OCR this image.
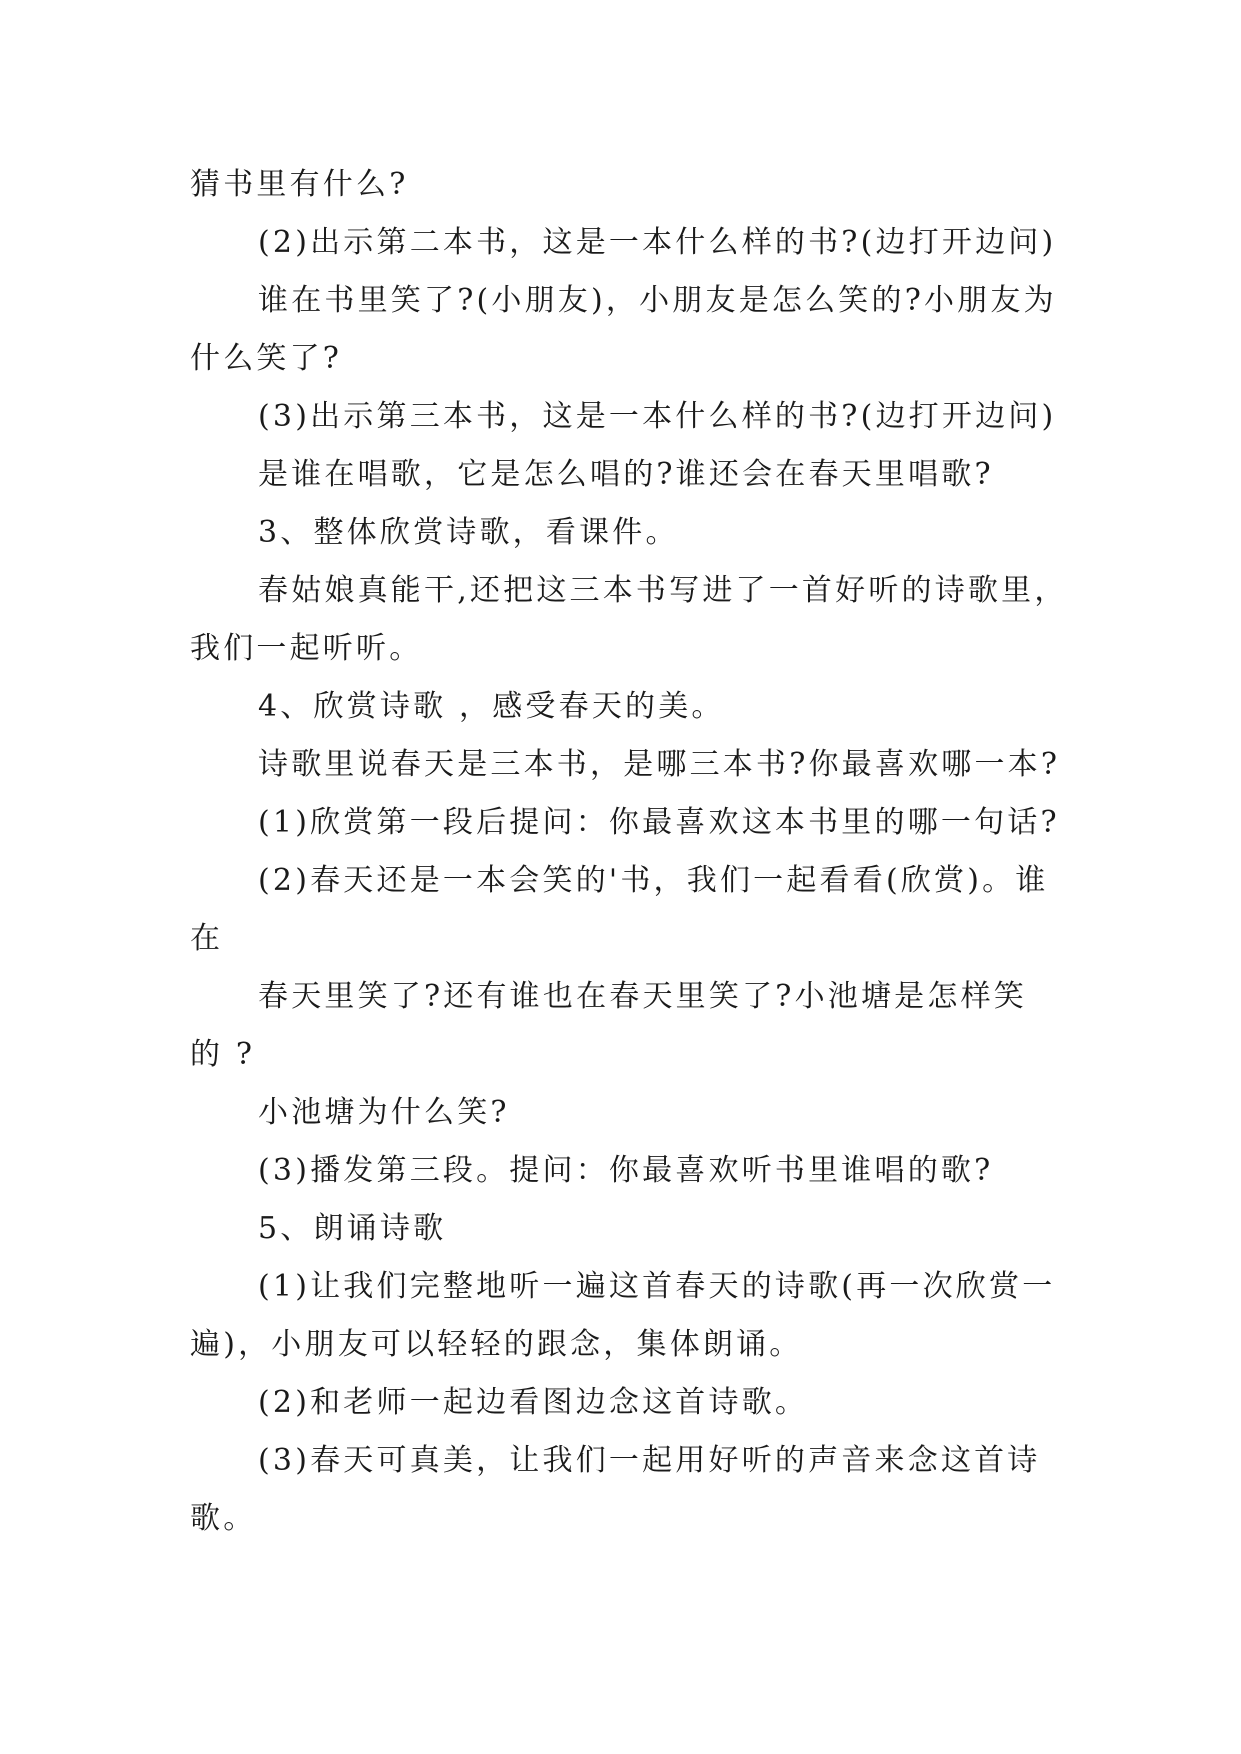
猜书里有什么?
(2)出示第二本书，这是一本什么样的书?(边打开边问)
谁在书里笑了?(小朋友)，小朋友是怎么笑的?小朋友为
什么笑了?
(3)出示第三本书，这是一本什么样的书?(边打开边问)
是谁在唱歌，它是怎么唱的?谁还会在春天里唱歌?
3、整体欣赏诗歌，看课件。
春姑娘真能干,还把这三本书写进了一首好听的诗歌里，
我们一起听听。
4、欣赏诗歌 ，感受春天的美。
诗歌里说春天是三本书，是哪三本书?你最喜欢哪一本?
(1)欣赏第一段后提问：你最喜欢这本书里的哪一句话?
(2)春天还是一本会笑的'书，我们一起看看(欣赏)。谁
在
春天里笑了?还有谁也在春天里笑了?小池塘是怎样笑
的 ?
小池塘为什么笑?
(3)播发第三段。提问：你最喜欢听书里谁唱的歌?
5、朗诵诗歌
(1)让我们完整地听一遍这首春天的诗歌(再一次欣赏一
遍)，小朋友可以轻轻的跟念，集体朗诵。
(2)和老师一起边看图边念这首诗歌。
(3)春天可真美，让我们一起用好听的声音来念这首诗
歌。
